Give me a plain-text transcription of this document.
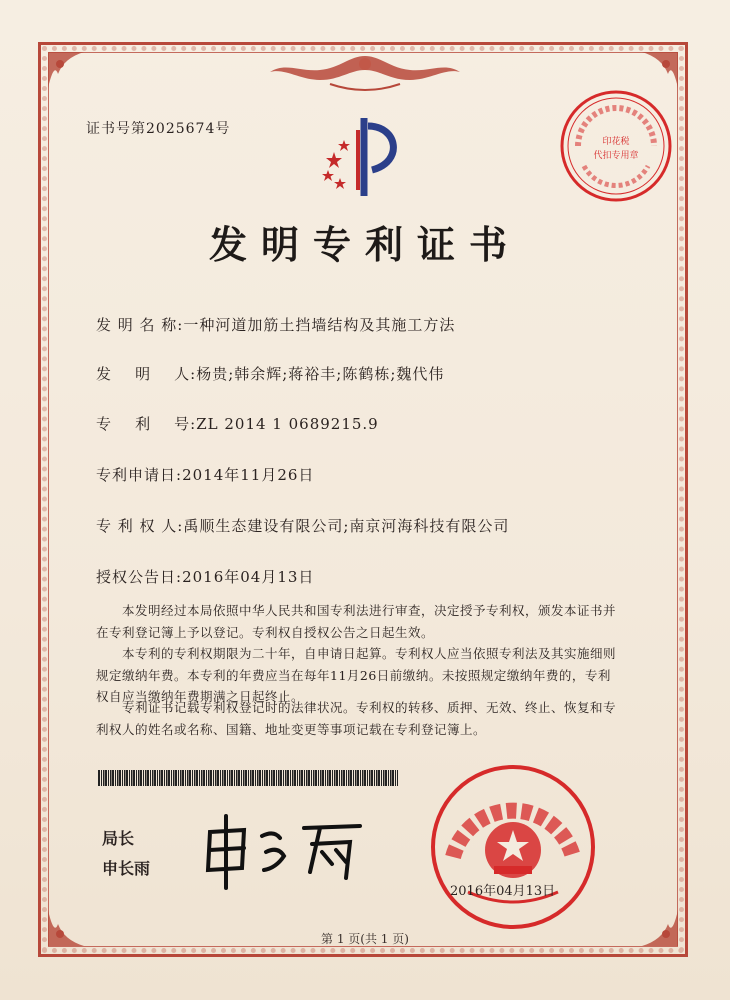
证书号第2025674号
印花税
代扣专用章
发明专利证书
发 明 名 称:一种河道加筋土挡墙结构及其施工方法
发    明    人:杨贵;韩余辉;蒋裕丰;陈鹤栋;魏代伟
专    利    号:ZL 2014 1 0689215.9
专利申请日:2014年11月26日
专 利 权 人:禹顺生态建设有限公司;南京河海科技有限公司
授权公告日:2016年04月13日
本发明经过本局依照中华人民共和国专利法进行审查，决定授予专利权，颁发本证书并在专利登记簿上予以登记。专利权自授权公告之日起生效。
本专利的专利权期限为二十年，自申请日起算。专利权人应当依照专利法及其实施细则规定缴纳年费。本专利的年费应当在每年11月26日前缴纳。未按照规定缴纳年费的，专利权自应当缴纳年费期满之日起终止。
专利证书记载专利权登记时的法律状况。专利权的转移、质押、无效、终止、恢复和专利权人的姓名或名称、国籍、地址变更等事项记载在专利登记簿上。
局长
申长雨
2016年04月13日
第 1 页(共 1 页)
